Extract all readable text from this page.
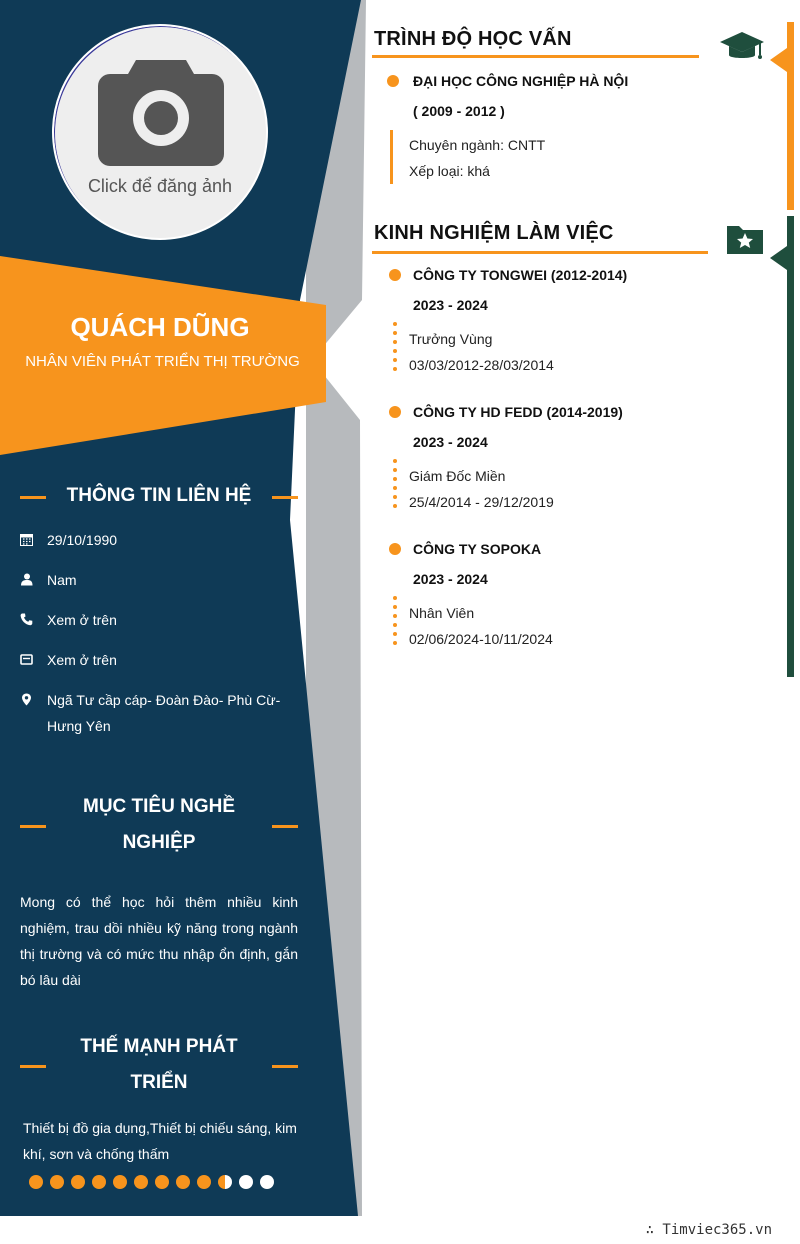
Click để đăng ảnh
QUÁCH DŨNG
NHÂN VIÊN PHÁT TRIỂN THỊ TRƯỜNG
THÔNG TIN LIÊN HỆ
29/10/1990
Nam
Xem ở trên
Xem ở trên
Ngã Tư cầp cáp- Đoàn Đào- Phù Cừ- Hưng Yên
MỤC TIÊU NGHỀ
NGHIỆP
Mong có thể học hỏi thêm nhiều kinh nghiệm, trau dồi nhiều kỹ năng trong ngành thị trường và có mức thu nhập ổn định, gắn bó lâu dài
THẾ MẠNH PHÁT
TRIỂN
Thiết bị đồ gia dụng,Thiết bị chiếu sáng, kim khí, sơn và chống thấm
TRÌNH ĐỘ HỌC VẤN
ĐẠI HỌC CÔNG NGHIỆP HÀ NỘI
( 2009 - 2012 )
Chuyên ngành: CNTT
Xếp loại: khá
KINH NGHIỆM LÀM VIỆC
CÔNG TY TONGWEI (2012-2014)
2023 - 2024
Trưởng Vùng
03/03/2012-28/03/2014
CÔNG TY HD FEDD (2014-2019)
2023 - 2024
Giám Đốc Miền
25/4/2014 - 29/12/2019
CÔNG TY SOPOKA
2023 - 2024
Nhân Viên
02/06/2024-10/11/2024
∴ Timviec365.vn
